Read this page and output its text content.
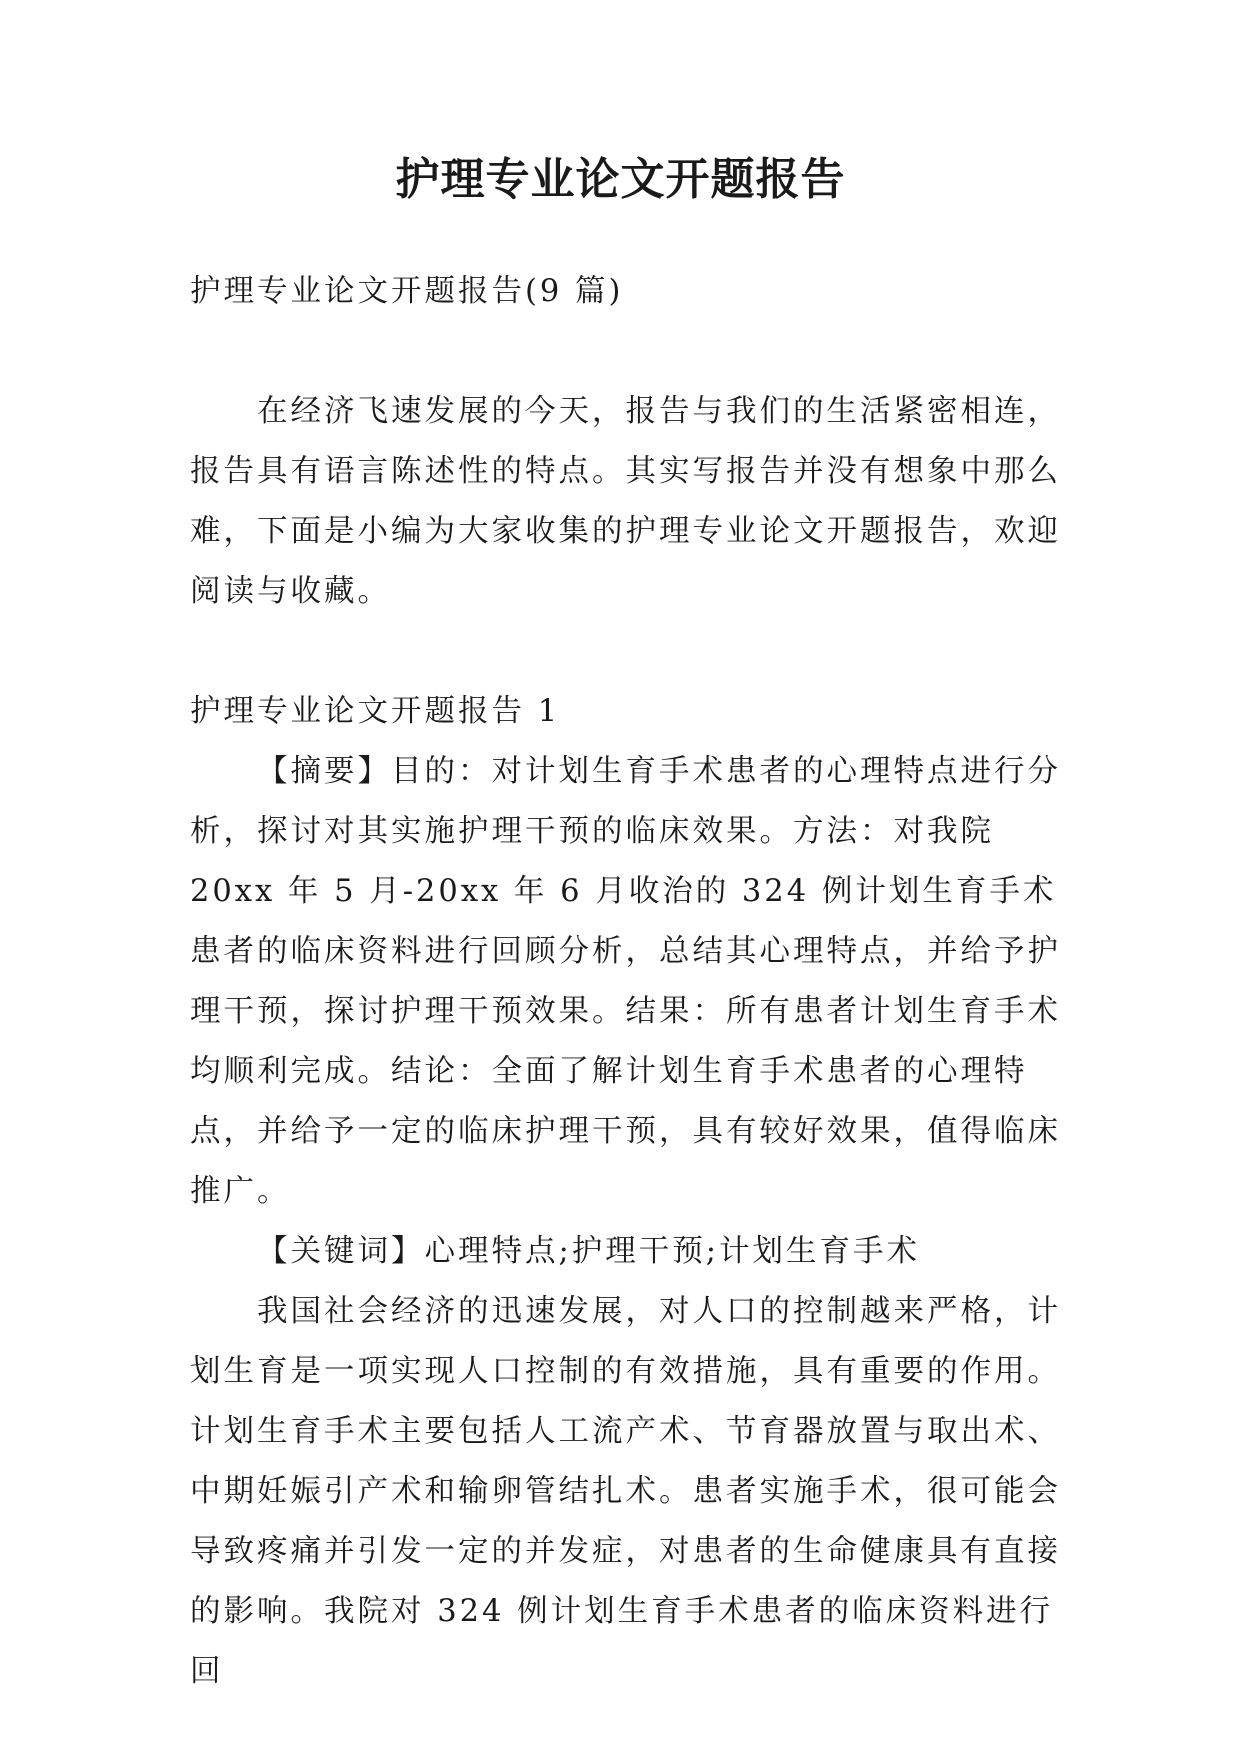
护理专业论文开题报告

护理专业论文开题报告(9 篇)

在经济飞速发展的今天，报告与我们的生活紧密相连，报告具有语言陈述性的特点。其实写报告并没有想象中那么难，下面是小编为大家收集的护理专业论文开题报告，欢迎阅读与收藏。

护理专业论文开题报告 1

【摘要】目的：对计划生育手术患者的心理特点进行分析，探讨对其实施护理干预的临床效果。方法：对我院 20xx 年 5 月-20xx 年 6 月收治的 324 例计划生育手术患者的临床资料进行回顾分析，总结其心理特点，并给予护理干预，探讨护理干预效果。结果：所有患者计划生育手术均顺利完成。结论：全面了解计划生育手术患者的心理特点，并给予一定的临床护理干预，具有较好效果，值得临床推广。

【关键词】心理特点;护理干预;计划生育手术

我国社会经济的迅速发展，对人口的控制越来严格，计划生育是一项实现人口控制的有效措施，具有重要的作用。计划生育手术主要包括人工流产术、节育器放置与取出术、中期妊娠引产术和输卵管结扎术。患者实施手术，很可能会导致疼痛并引发一定的并发症，对患者的生命健康具有直接的影响。我院对 324 例计划生育手术患者的临床资料进行回
